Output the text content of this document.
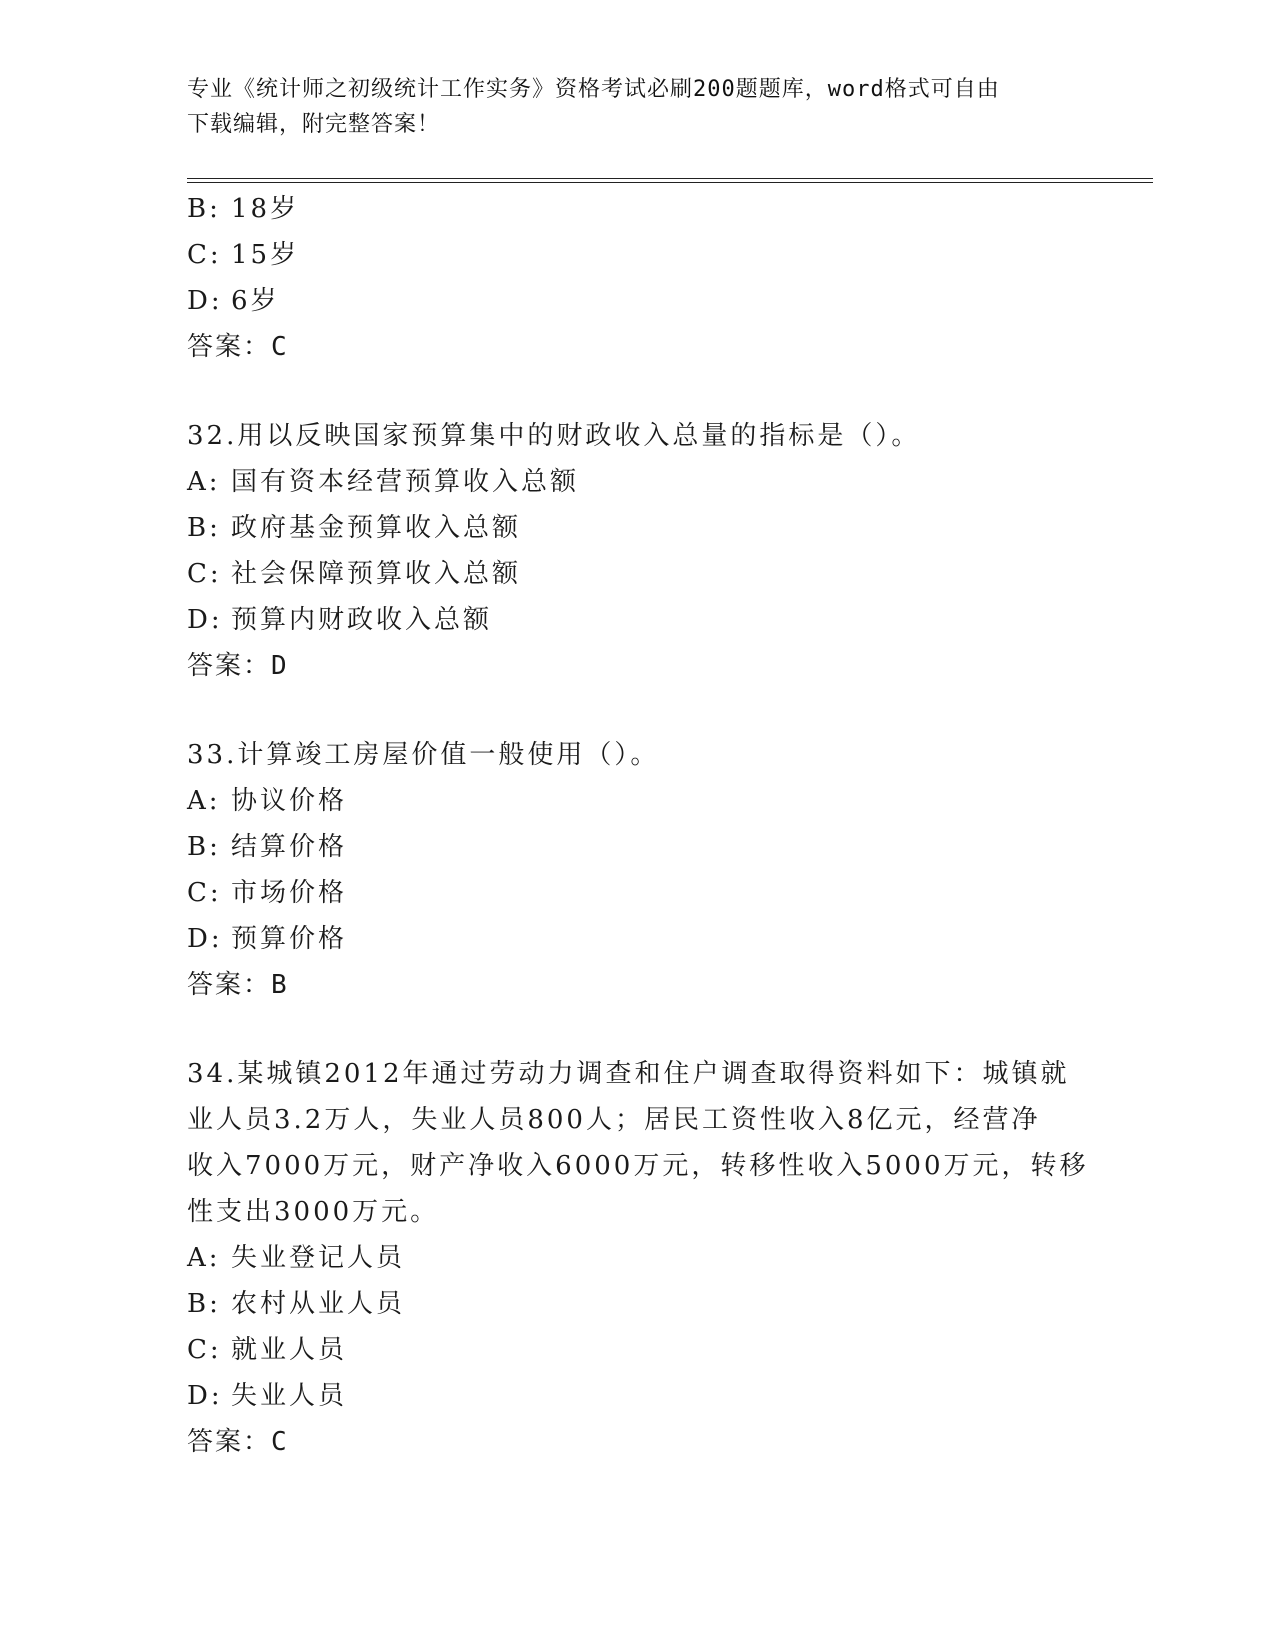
专业《统计师之初级统计工作实务》资格考试必刷200题题库，word格式可自由
下载编辑，附完整答案！
B: 18岁
C: 15岁
D: 6岁
答案：C
32.用以反映国家预算集中的财政收入总量的指标是（）。
A: 国有资本经营预算收入总额
B: 政府基金预算收入总额
C: 社会保障预算收入总额
D: 预算内财政收入总额
答案：D
33.计算竣工房屋价值一般使用（）。
A: 协议价格
B: 结算价格
C: 市场价格
D: 预算价格
答案：B
34.某城镇2012年通过劳动力调查和住户调查取得资料如下：城镇就
业人员3.2万人，失业人员800人；居民工资性收入8亿元，经营净
收入7000万元，财产净收入6000万元，转移性收入5000万元，转移
性支出3000万元。
A: 失业登记人员
B: 农村从业人员
C: 就业人员
D: 失业人员
答案：C
